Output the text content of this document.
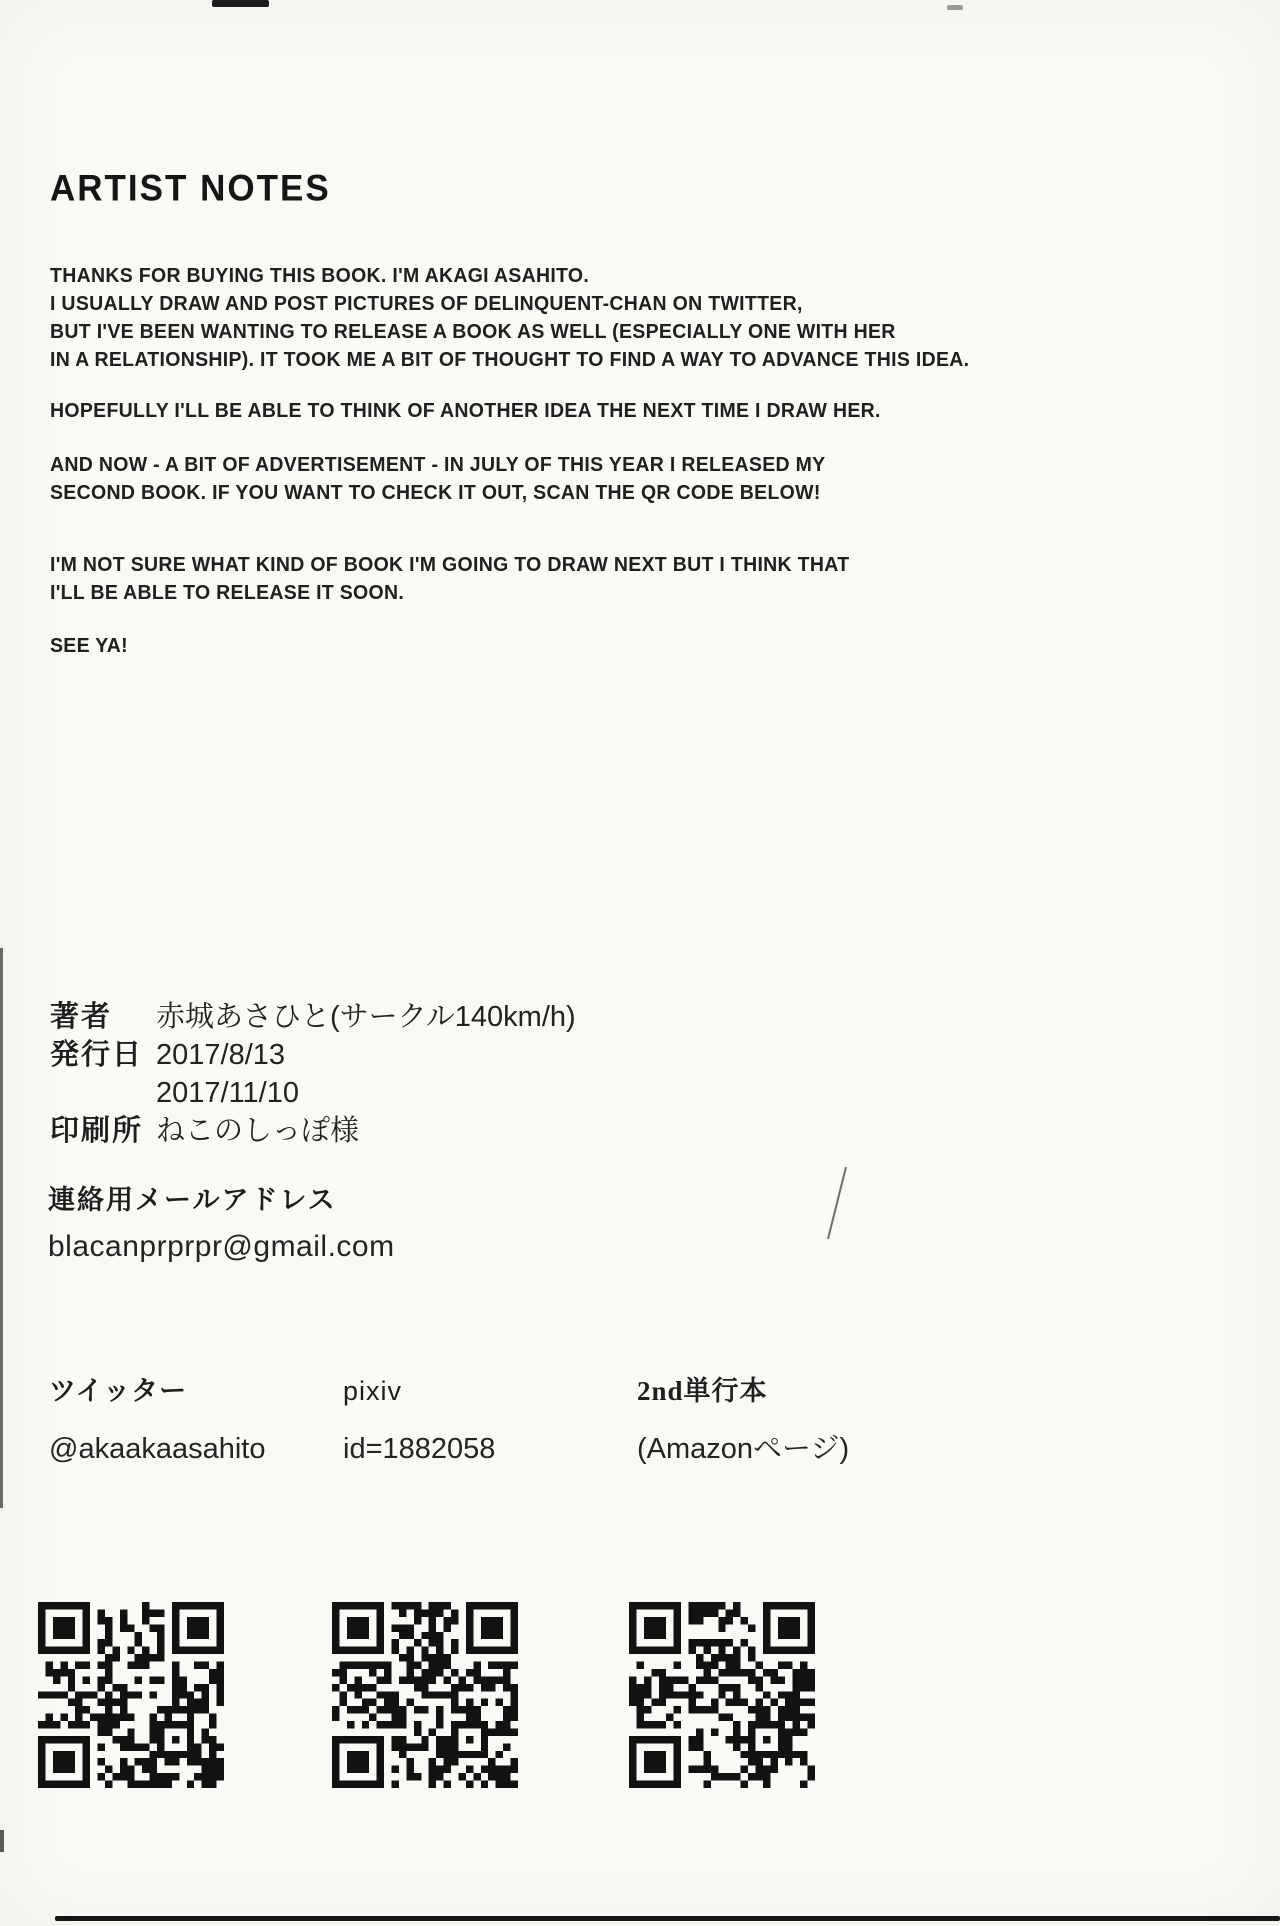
ARTIST NOTES
THANKS FOR BUYING THIS BOOK. I'M AKAGI ASAHITO.
I USUALLY DRAW AND POST PICTURES OF DELINQUENT-CHAN ON TWITTER,
BUT I'VE BEEN WANTING TO RELEASE A BOOK AS WELL (ESPECIALLY ONE WITH HER
IN A RELATIONSHIP). IT TOOK ME A BIT OF THOUGHT TO FIND A WAY TO ADVANCE THIS IDEA.
HOPEFULLY I'LL BE ABLE TO THINK OF ANOTHER IDEA THE NEXT TIME I DRAW HER.
AND NOW - A BIT OF ADVERTISEMENT - IN JULY OF THIS YEAR I RELEASED MY
SECOND BOOK. IF YOU WANT TO CHECK IT OUT, SCAN THE QR CODE BELOW!
I'M NOT SURE WHAT KIND OF BOOK I'M GOING TO DRAW NEXT BUT I THINK THAT
I'LL BE ABLE TO RELEASE IT SOON.
SEE YA!
著者	赤城あさひと(サークル140km/h)
発行日 2017/8/13
2017/11/10
印刷所 ねこのしっぽ様
連絡用メールアドレス
blacanprprpr@gmail.com
ツイッター
@akaakaasahito
pixiv
id=1882058
2nd単行本
(Amazonページ)
